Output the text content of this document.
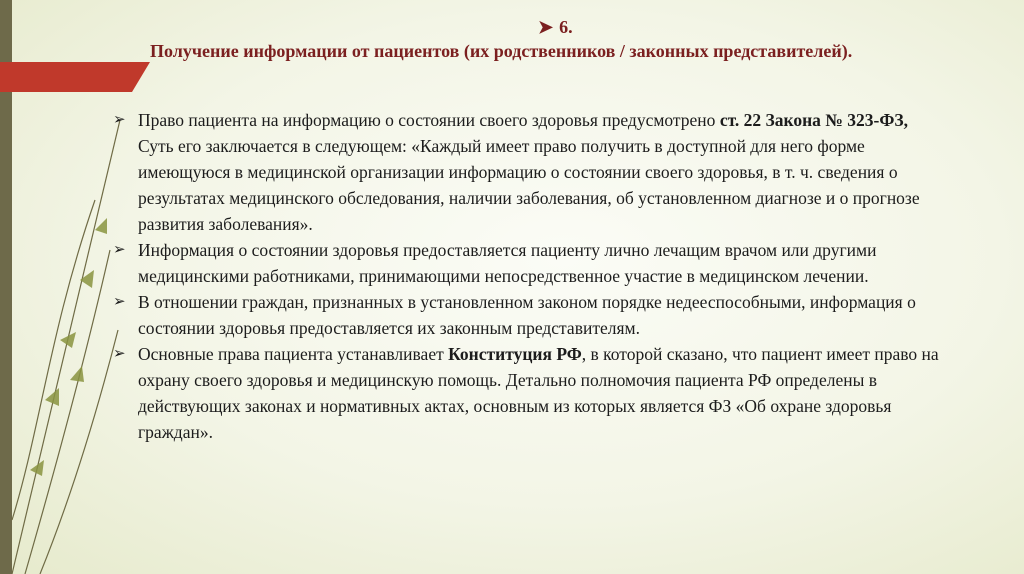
➤ 6.
Получение информации от пациентов (их родственников / законных представителей).
➢ Право пациента на информацию о состоянии своего здоровья предусмотрено ст. 22 Закона № 323-ФЗ, Суть его заключается в следующем: «Каждый имеет право получить в доступной для него форме имеющуюся в медицинской организации информацию о состоянии своего здоровья, в т. ч. сведения о результатах медицинского обследования, наличии заболевания, об установленном диагнозе и о прогнозе развития заболевания».
➢ Информация о состоянии здоровья предоставляется пациенту лично лечащим врачом или другими медицинскими работниками, принимающими непосредственное участие в медицинском лечении.
➢ В отношении граждан, признанных в установленном законом порядке недееспособными, информация о состоянии здоровья предоставляется их законным представителям.
➢ Основные права пациента устанавливает Конституция РФ, в которой сказано, что пациент имеет право на охрану своего здоровья и медицинскую помощь. Детально полномочия пациента РФ определены в действующих законах и нормативных актах, основным из которых является ФЗ «Об охране здоровья граждан».
